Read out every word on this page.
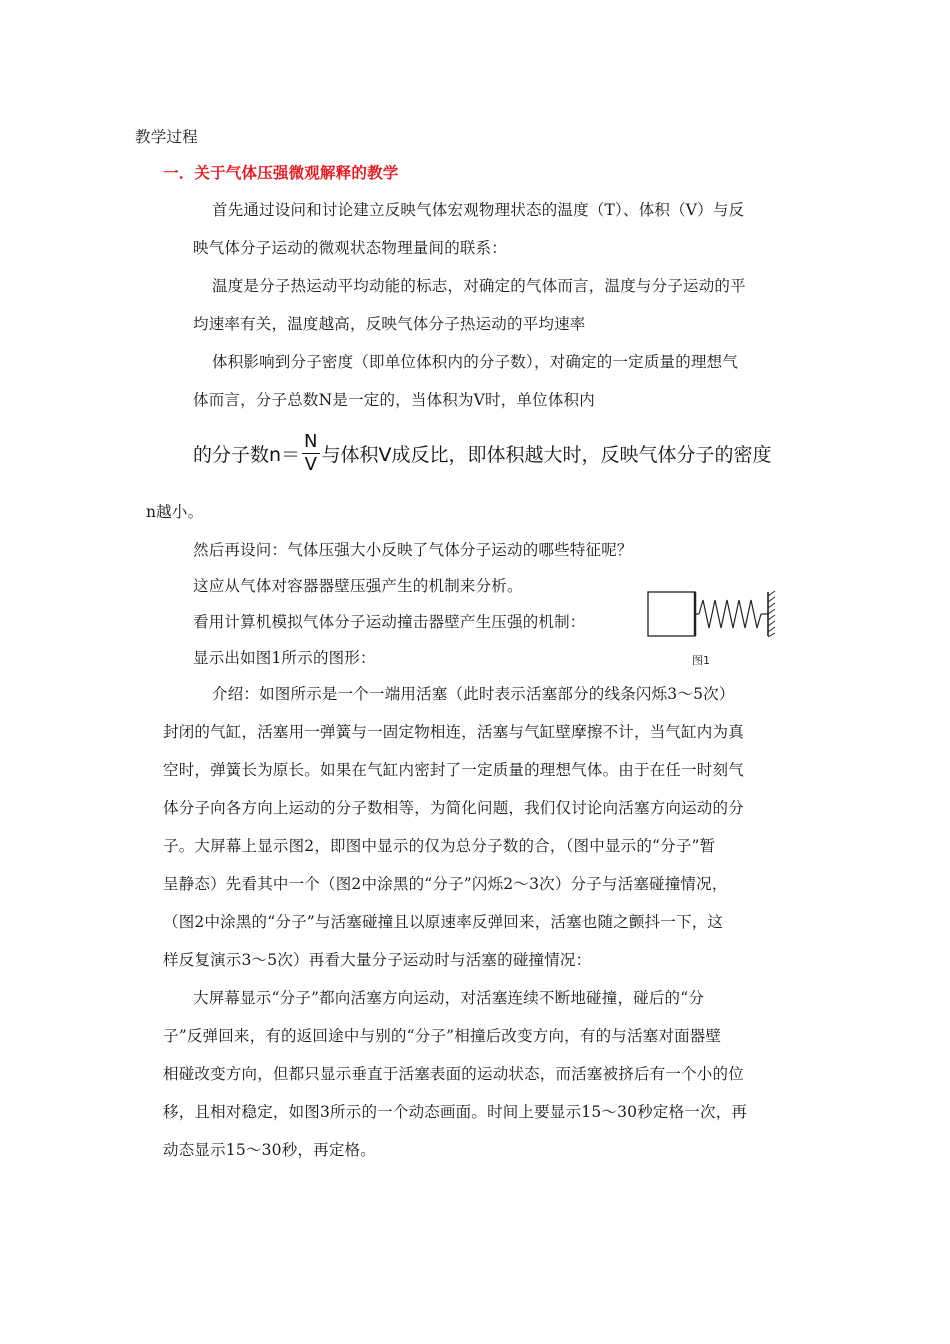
教学过程
一．关于气体压强微观解释的教学
首先通过设问和讨论建立反映气体宏观物理状态的温度（T）、体积（V）与反
映气体分子运动的微观状态物理量间的联系：
温度是分子热运动平均动能的标志，对确定的气体而言，温度与分子运动的平
均速率有关，温度越高，反映气体分子热运动的平均速率
体积影响到分子密度（即单位体积内的分子数），对确定的一定质量的理想气
体而言，分子总数N是一定的，当体积为V时，单位体积内
的分子数$n= \frac{N}{V}$ 与体积V成反比，即体积越大时，反映气体分子的密度
n越小。
然后再设问：气体压强大小反映了气体分子运动的哪些特征呢？
这应从气体对容器器壁压强产生的机制来分析。
看用计算机模拟气体分子运动撞击器壁产生压强的机制：
显示出如图1所示的图形：	图1
介绍：如图所示是一个一端用活塞（此时表示活塞部分的线条闪烁3～5次）
封闭的气缸，活塞用一弹簧与一固定物相连，活塞与气缸壁摩擦不计，当气缸内为真
空时，弹簧长为原长。如果在气缸内密封了一定质量的理想气体。由于在任一时刻气
体分子向各方向上运动的分子数相等，为简化问题，我们仅讨论向活塞方向运动的分
子。大屏幕上显示图2，即图中显示的仅为总分子数的合，（图中显示的“分子”暂
呈静态）先看其中一个（图2中涂黑的“分子”闪烁2～3次）分子与活塞碰撞情况，
（图2中涂黑的“分子”与活塞碰撞且以原速率反弹回来，活塞也随之颤抖一下，这
样反复演示3～5次）再看大量分子运动时与活塞的碰撞情况：
大屏幕显示“分子”都向活塞方向运动，对活塞连续不断地碰撞，碰后的“分
子”反弹回来，有的返回途中与别的“分子”相撞后改变方向，有的与活塞对面器壁
相碰改变方向，但都只显示垂直于活塞表面的运动状态，而活塞被挤后有一个小的位
移，且相对稳定，如图3所示的一个动态画面。时间上要显示15～30秒定格一次，再
动态显示15～30秒，再定格。
